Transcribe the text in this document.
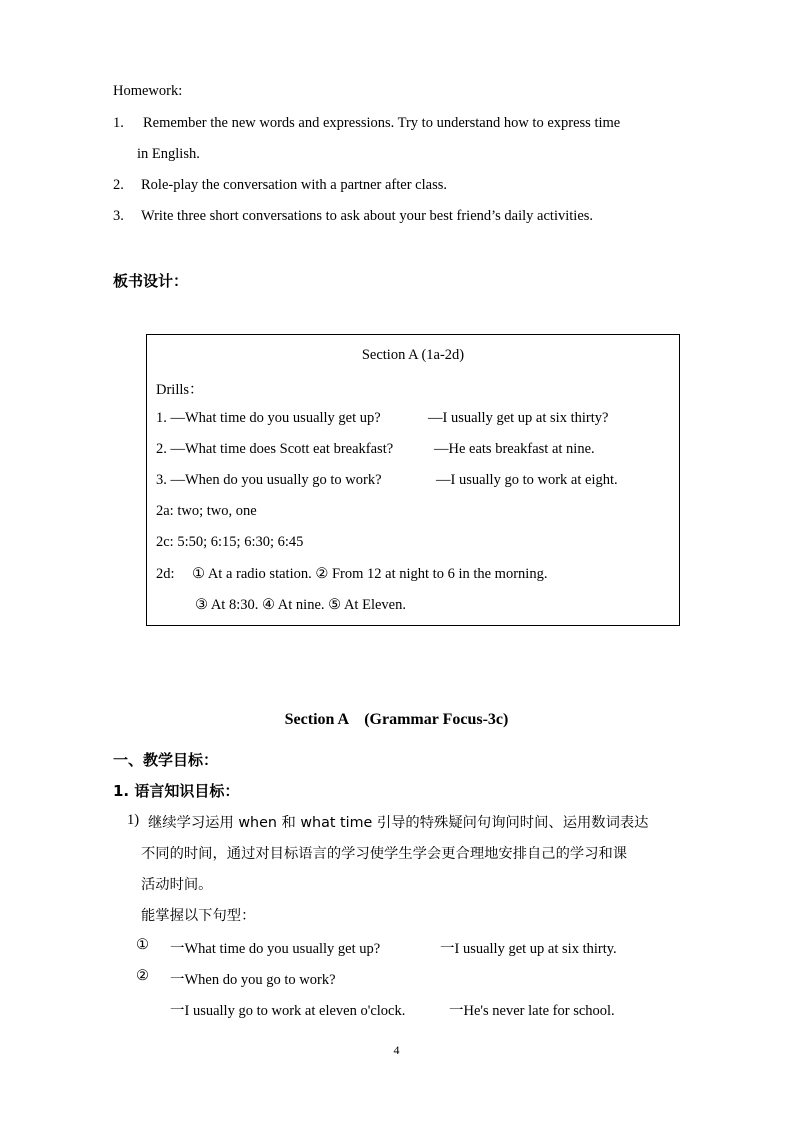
Homework:
1. Remember the new words and expressions. Try to understand how to express time
in English.
2. Role-play the conversation with a partner after class.
3. Write three short conversations to ask about your best friend’s daily activities.
板书设计：
Section A (1a-2d)
Drills：
1. —What time do you usually get up?	—I usually get up at six thirty?
2. —What time does Scott eat breakfast?	—He eats breakfast at nine.
3. —When do you usually go to work?	—I usually go to work at eight.
2a: two; two, one
2c: 5:50; 6:15; 6:30; 6:45
2d: ① At a radio station. ② From 12 at night to 6 in the morning.
③ At 8:30. ④ At nine. ⑤ At Eleven.
Section A    (Grammar Focus-3c)
一、教学目标：
1. 语言知识目标：
1) 继续学习运用 when 和 what time 引导的特殊疑问句询问时间、运用数词表达
不同的时间，通过对目标语言的学习使学生学会更合理地安排自己的学习和课
活动时间。
能掌握以下句型：
① 一What time do you usually get up?	一I usually get up at six thirty.
② 一When do you go to work?
一I usually go to work at eleven o'clock.	一He's never late for school.
4
